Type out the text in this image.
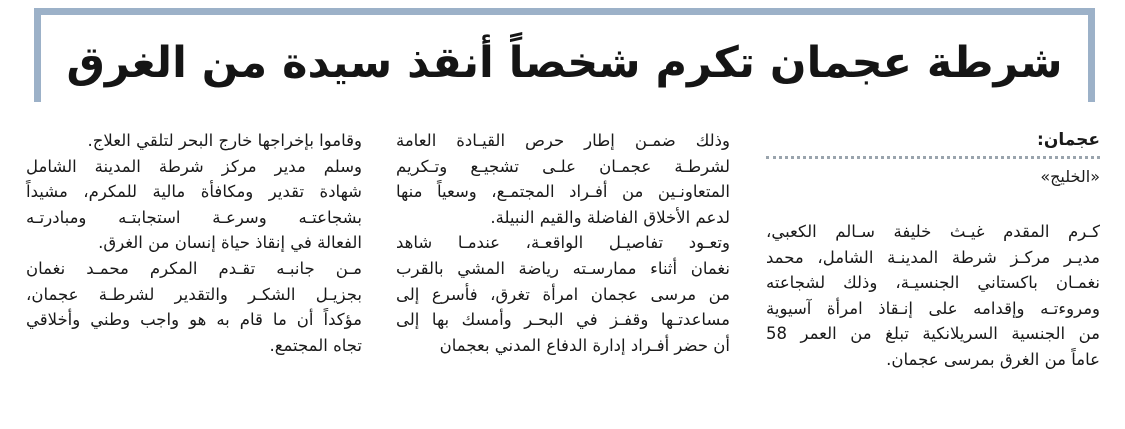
شرطة عجمان تكرم شخصاً أنقذ سيدة من الغرق

عجمان:

«الخليج»

كـرم المقدم غيـث خليفة سـالم الكعبي،
مديـر مركـز شرطة المدينـة الشامل، محمد
نغمـان باكستاني الجنسيـة، وذلك لشجاعته
ومروءتـه وإقدامه على إنـقاذ امرأة آسيوية
من الجنسية السريلانكية تبلغ من العمر 58
عاماً من الغرق بمرسى عجمان.

وذلك ضمـن إطار حرص القيـادة العامة
لشرطـة عجمـان علـى تشجيـع وتـكريم
المتعاونـين من أفـراد المجتمـع، وسعياً منها
لدعم الأخلاق الفاضلة والقيم النبيلة.

وتعـود تفاصيـل الواقعـة، عندمـا شاهد
نغمان أثناء ممارسـته رياضة المشي بالقرب
من مرسى عجمان امرأة تغرق، فأسرع إلى
مساعدتـها وقفـز في البحـر وأمسك بها إلى
أن حضر أفـراد إدارة الدفاع المدني بعجمان

وقاموا بإخراجها خارج البحر لتلقي العلاج.

وسلم مدير مركز شرطة المدينة الشامل
شهادة تقدير ومكافأة مالية للمكرم، مشيداً
بشجاعتـه وسرعـة استجابتـه ومبادرتـه
الفعالة في إنقاذ حياة إنسان من الغرق.

مـن جانبـه تقـدم المكرم محمـد نغمان
بجزيـل الشكـر والتقدير لشرطـة عجمان،
مؤكداً أن ما قام به هو واجب وطني وأخلاقي
تجاه المجتمع.
